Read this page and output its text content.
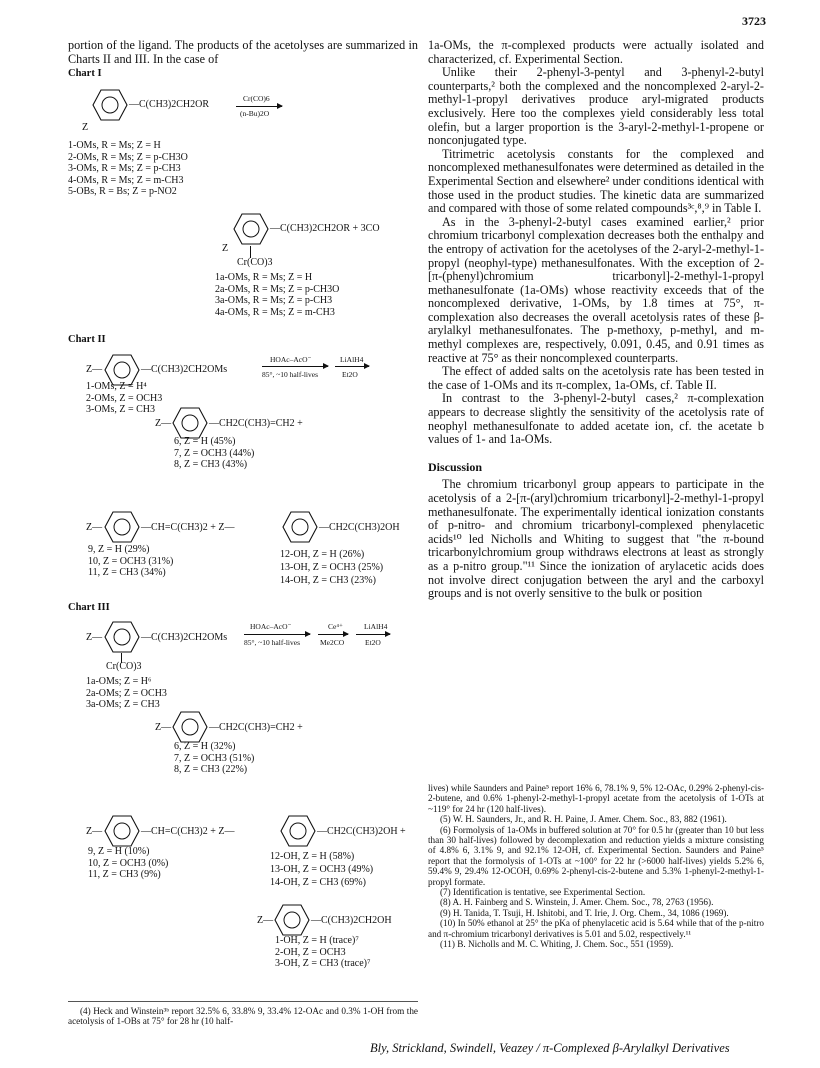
3723

portion of the ligand. The products of the acetolyses are summarized in Charts II and III. In the case of

Chart I
—C(CH3)2CH2OR
Z
Cr(CO)6
(n-Bu)2O
1-OMs, R = Ms; Z = H
2-OMs, R = Ms; Z = p-CH3O
3-OMs, R = Ms; Z = p-CH3
4-OMs, R = Ms; Z = m-CH3
5-OBs, R = Bs; Z = p-NO2
—C(CH3)2CH2OR + 3CO
Z
Cr(CO)3
1a-OMs, R = Ms; Z = H
2a-OMs, R = Ms; Z = p-CH3O
3a-OMs, R = Ms; Z = p-CH3
4a-OMs, R = Ms; Z = m-CH3
Chart II
Z—	—C(CH3)2CH2OMs
HOAc–AcO⁻
85°, ~10 half-lives
LiAlH4
Et2O
1-OMs, Z = H⁴
2-OMs, Z = OCH3
3-OMs, Z = CH3
Z—	—CH2C(CH3)=CH2 +
6, Z = H (45%)
7, Z = OCH3 (44%)
8, Z = CH3 (43%)
Z—	—CH=C(CH3)2 + Z—	—CH2C(CH3)2OH
9, Z = H (29%)
10, Z = OCH3 (31%)
11, Z = CH3 (34%)
12-OH, Z = H (26%)
13-OH, Z = OCH3 (25%)
14-OH, Z = CH3 (23%)
Chart III
Z—	—C(CH3)2CH2OMs
HOAc–AcO⁻
85°, ~10 half-lives
Ce⁴⁺
Me2CO
LiAlH4
Et2O
Cr(CO)3
1a-OMs; Z = H⁶
2a-OMs; Z = OCH3
3a-OMs; Z = CH3
Z—	—CH2C(CH3)=CH2 +
6, Z = H (32%)
7, Z = OCH3 (51%)
8, Z = CH3 (22%)
Z—	—CH=C(CH3)2 + Z—	—CH2C(CH3)2OH +
9, Z = H (10%)
10, Z = OCH3 (0%)
11, Z = CH3 (9%)
12-OH, Z = H (58%)
13-OH, Z = OCH3 (49%)
14-OH, Z = CH3 (69%)
Z—	—C(CH3)2CH2OH
1-OH, Z = H (trace)⁷
2-OH, Z = OCH3
3-OH, Z = CH3 (trace)⁷

(4) Heck and Winstein³ᵇ report 32.5% 6, 33.8% 9, 33.4% 12-OAc and 0.3% 1-OH from the acetolysis of 1-OBs at 75° for 28 hr (10 half-

1a-OMs, the π-complexed products were actually isolated and characterized, cf. Experimental Section.

Unlike their 2-phenyl-3-pentyl and 3-phenyl-2-butyl counterparts,² both the complexed and the noncomplexed 2-aryl-2-methyl-1-propyl derivatives produce aryl-migrated products exclusively. Here too the complexes yield considerably less total olefin, but a larger proportion is the 3-aryl-2-methyl-1-propene or nonconjugated type.

Titrimetric acetolysis constants for the complexed and noncomplexed methanesulfonates were determined as detailed in the Experimental Section and elsewhere² under conditions identical with those used in the product studies. The kinetic data are summarized and compared with those of some related compounds³ᶜ,⁸,⁹ in Table I.

As in the 3-phenyl-2-butyl cases examined earlier,² prior chromium tricarbonyl complexation decreases both the enthalpy and the entropy of activation for the acetolyses of the 2-aryl-2-methyl-1-propyl (neophyl-type) methanesulfonates. With the exception of 2-[π-(phenyl)chromium tricarbonyl]-2-methyl-1-propyl methanesulfonate (1a-OMs) whose reactivity exceeds that of the noncomplexed derivative, 1-OMs, by 1.8 times at 75°, π-complexation also decreases the overall acetolysis rates of these β-arylalkyl methanesulfonates. The p-methoxy, p-methyl, and m-methyl complexes are, respectively, 0.091, 0.45, and 0.91 times as reactive at 75° as their noncomplexed counterparts.

The effect of added salts on the acetolysis rate has been tested in the case of 1-OMs and its π-complex, 1a-OMs, cf. Table II.

In contrast to the 3-phenyl-2-butyl cases,² π-complexation appears to decrease slightly the sensitivity of the acetolysis rate of neophyl methanesulfonate to added acetate ion, cf. the acetate b values of 1- and 1a-OMs.

Discussion

The chromium tricarbonyl group appears to participate in the acetolysis of a 2-[π-(aryl)chromium tricarbonyl]-2-methyl-1-propyl methanesulfonate. The experimentally identical ionization constants of p-nitro- and chromium tricarbonyl-complexed phenylacetic acids¹⁰ led Nicholls and Whiting to suggest that "the π-bound tricarbonylchromium group withdraws electrons at least as strongly as a p-nitro group."¹¹ Since the ionization of arylacetic acids does not involve direct conjugation between the aryl and the carboxyl groups and is not overly sensitive to the bulk or position

lives) while Saunders and Paine⁵ report 16% 6, 78.1% 9, 5% 12-OAc, 0.29% 2-phenyl-cis-2-butene, and 0.6% 1-phenyl-2-methyl-1-propyl acetate from the acetolysis of 1-OTs at ~119° for 24 hr (120 half-lives).

(5) W. H. Saunders, Jr., and R. H. Paine, J. Amer. Chem. Soc., 83, 882 (1961).

(6) Formolysis of 1a-OMs in buffered solution at 70° for 0.5 hr (greater than 10 but less than 30 half-lives) followed by decomplexation and reduction yields a mixture consisting of 4.8% 6, 3.1% 9, and 92.1% 12-OH, cf. Experimental Section. Saunders and Paine⁵ report that the formolysis of 1-OTs at ~100° for 22 hr (>6000 half-lives) yields 5.2% 6, 59.4% 9, 29.4% 12-OCOH, 0.69% 2-phenyl-cis-2-butene and 5.3% 1-phenyl-2-methyl-1-propyl formate.

(7) Identification is tentative, see Experimental Section.

(8) A. H. Fainberg and S. Winstein, J. Amer. Chem. Soc., 78, 2763 (1956).

(9) H. Tanida, T. Tsuji, H. Ishitobi, and T. Irie, J. Org. Chem., 34, 1086 (1969).

(10) In 50% ethanol at 25° the pKa of phenylacetic acid is 5.64 while that of the p-nitro and π-chromium tricarbonyl derivatives is 5.01 and 5.02, respectively.¹¹

(11) B. Nicholls and M. C. Whiting, J. Chem. Soc., 551 (1959).

Bly, Strickland, Swindell, Veazey / π-Complexed β-Arylalkyl Derivatives
